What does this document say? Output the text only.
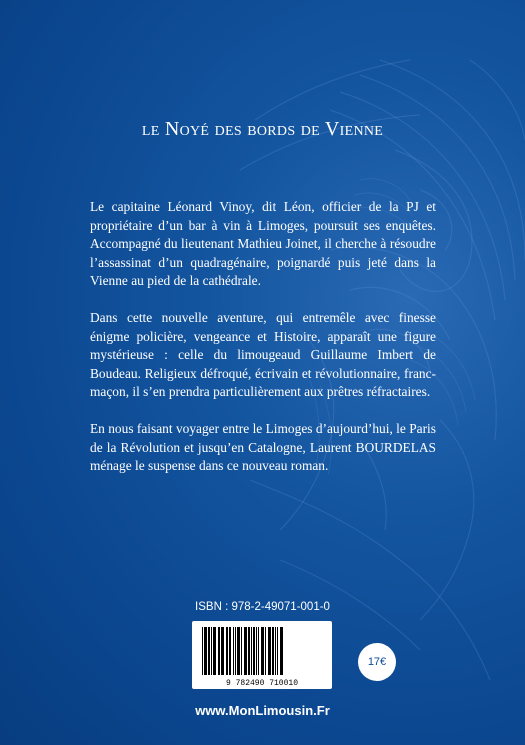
le Noyé des bords de Vienne

Le capitaine Léonard Vinoy, dit Léon, officier de la PJ et propriétaire d’un bar à vin à Limoges, poursuit ses enquêtes. Accompagné du lieutenant Mathieu Joinet, il cherche à résoudre l’assassinat d’un quadragénaire, poignardé puis jeté dans la Vienne au pied de la cathédrale.

Dans cette nouvelle aventure, qui entremêle avec finesse énigme policière, vengeance et Histoire, apparaît une figure mystérieuse : celle du limougeaud Guillaume Imbert de Boudeau. Religieux défroqué, écrivain et révolutionnaire, franc-maçon, il s’en prendra particulièrement aux prêtres réfractaires.

En nous faisant voyager entre le Limoges d’aujourd’hui, le Paris de la Révolution et jusqu’en Catalogne, Laurent BOURDELAS ménage le suspense dans ce nouveau roman.

ISBN : 978-2-49071-001-0
9 782490 710010
17€
www.MonLimousin.Fr
